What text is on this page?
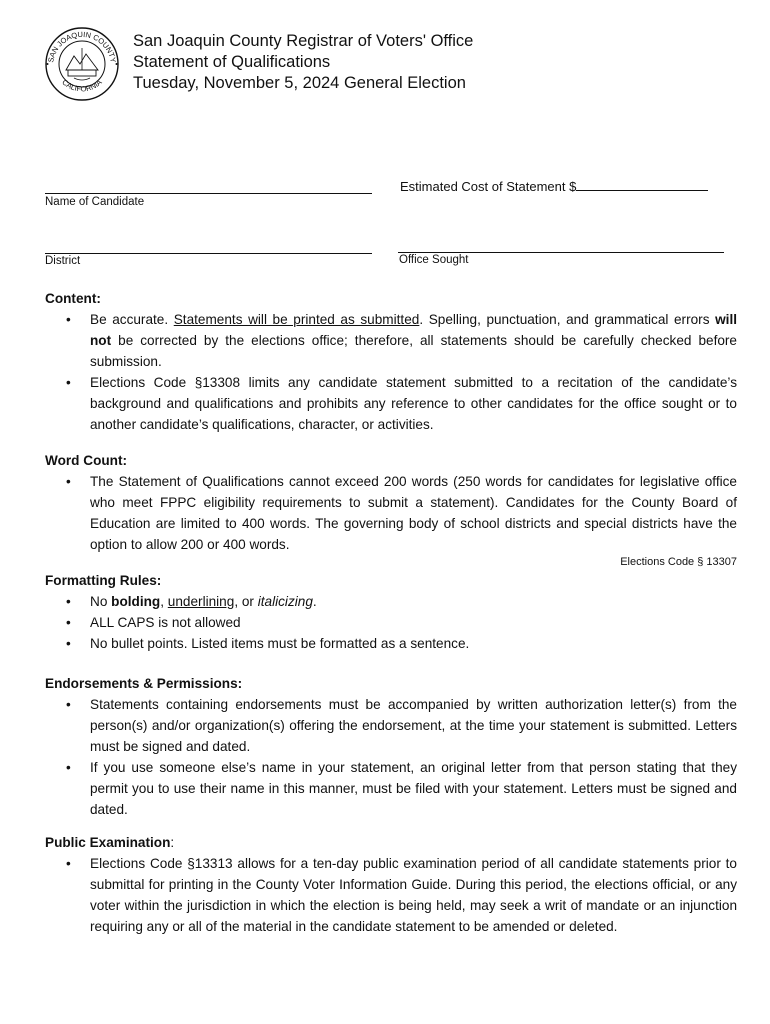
SAN JOAQUIN COUNTY
CALIFORNIA
San Joaquin County Registrar of Voters' Office
Statement of Qualifications
Tuesday, November 5, 2024 General Election
Name of Candidate
Estimated Cost of Statement $
District	Office Sought
Content:
• Be accurate. Statements will be printed as submitted. Spelling, punctuation, and grammatical errors will not be corrected by the elections office; therefore, all statements should be carefully checked before submission.
• Elections Code §13308 limits any candidate statement submitted to a recitation of the candidate’s background and qualifications and prohibits any reference to other candidates for the office sought or to another candidate’s qualifications, character, or activities.
Word Count:
• The Statement of Qualifications cannot exceed 200 words (250 words for candidates for legislative office who meet FPPC eligibility requirements to submit a statement). Candidates for the County Board of Education are limited to 400 words. The governing body of school districts and special districts have the option to allow 200 or 400 words.
Elections Code § 13307
Formatting Rules:
• No bolding, underlining, or italicizing.
• ALL CAPS is not allowed
• No bullet points. Listed items must be formatted as a sentence.
Endorsements & Permissions:
• Statements containing endorsements must be accompanied by written authorization letter(s) from the person(s) and/or organization(s) offering the endorsement, at the time your statement is submitted. Letters must be signed and dated.
• If you use someone else’s name in your statement, an original letter from that person stating that they permit you to use their name in this manner, must be filed with your statement. Letters must be signed and dated.
Public Examination:
• Elections Code §13313 allows for a ten-day public examination period of all candidate statements prior to submittal for printing in the County Voter Information Guide. During this period, the elections official, or any voter within the jurisdiction in which the election is being held, may seek a writ of mandate or an injunction requiring any or all of the material in the candidate statement to be amended or deleted.
